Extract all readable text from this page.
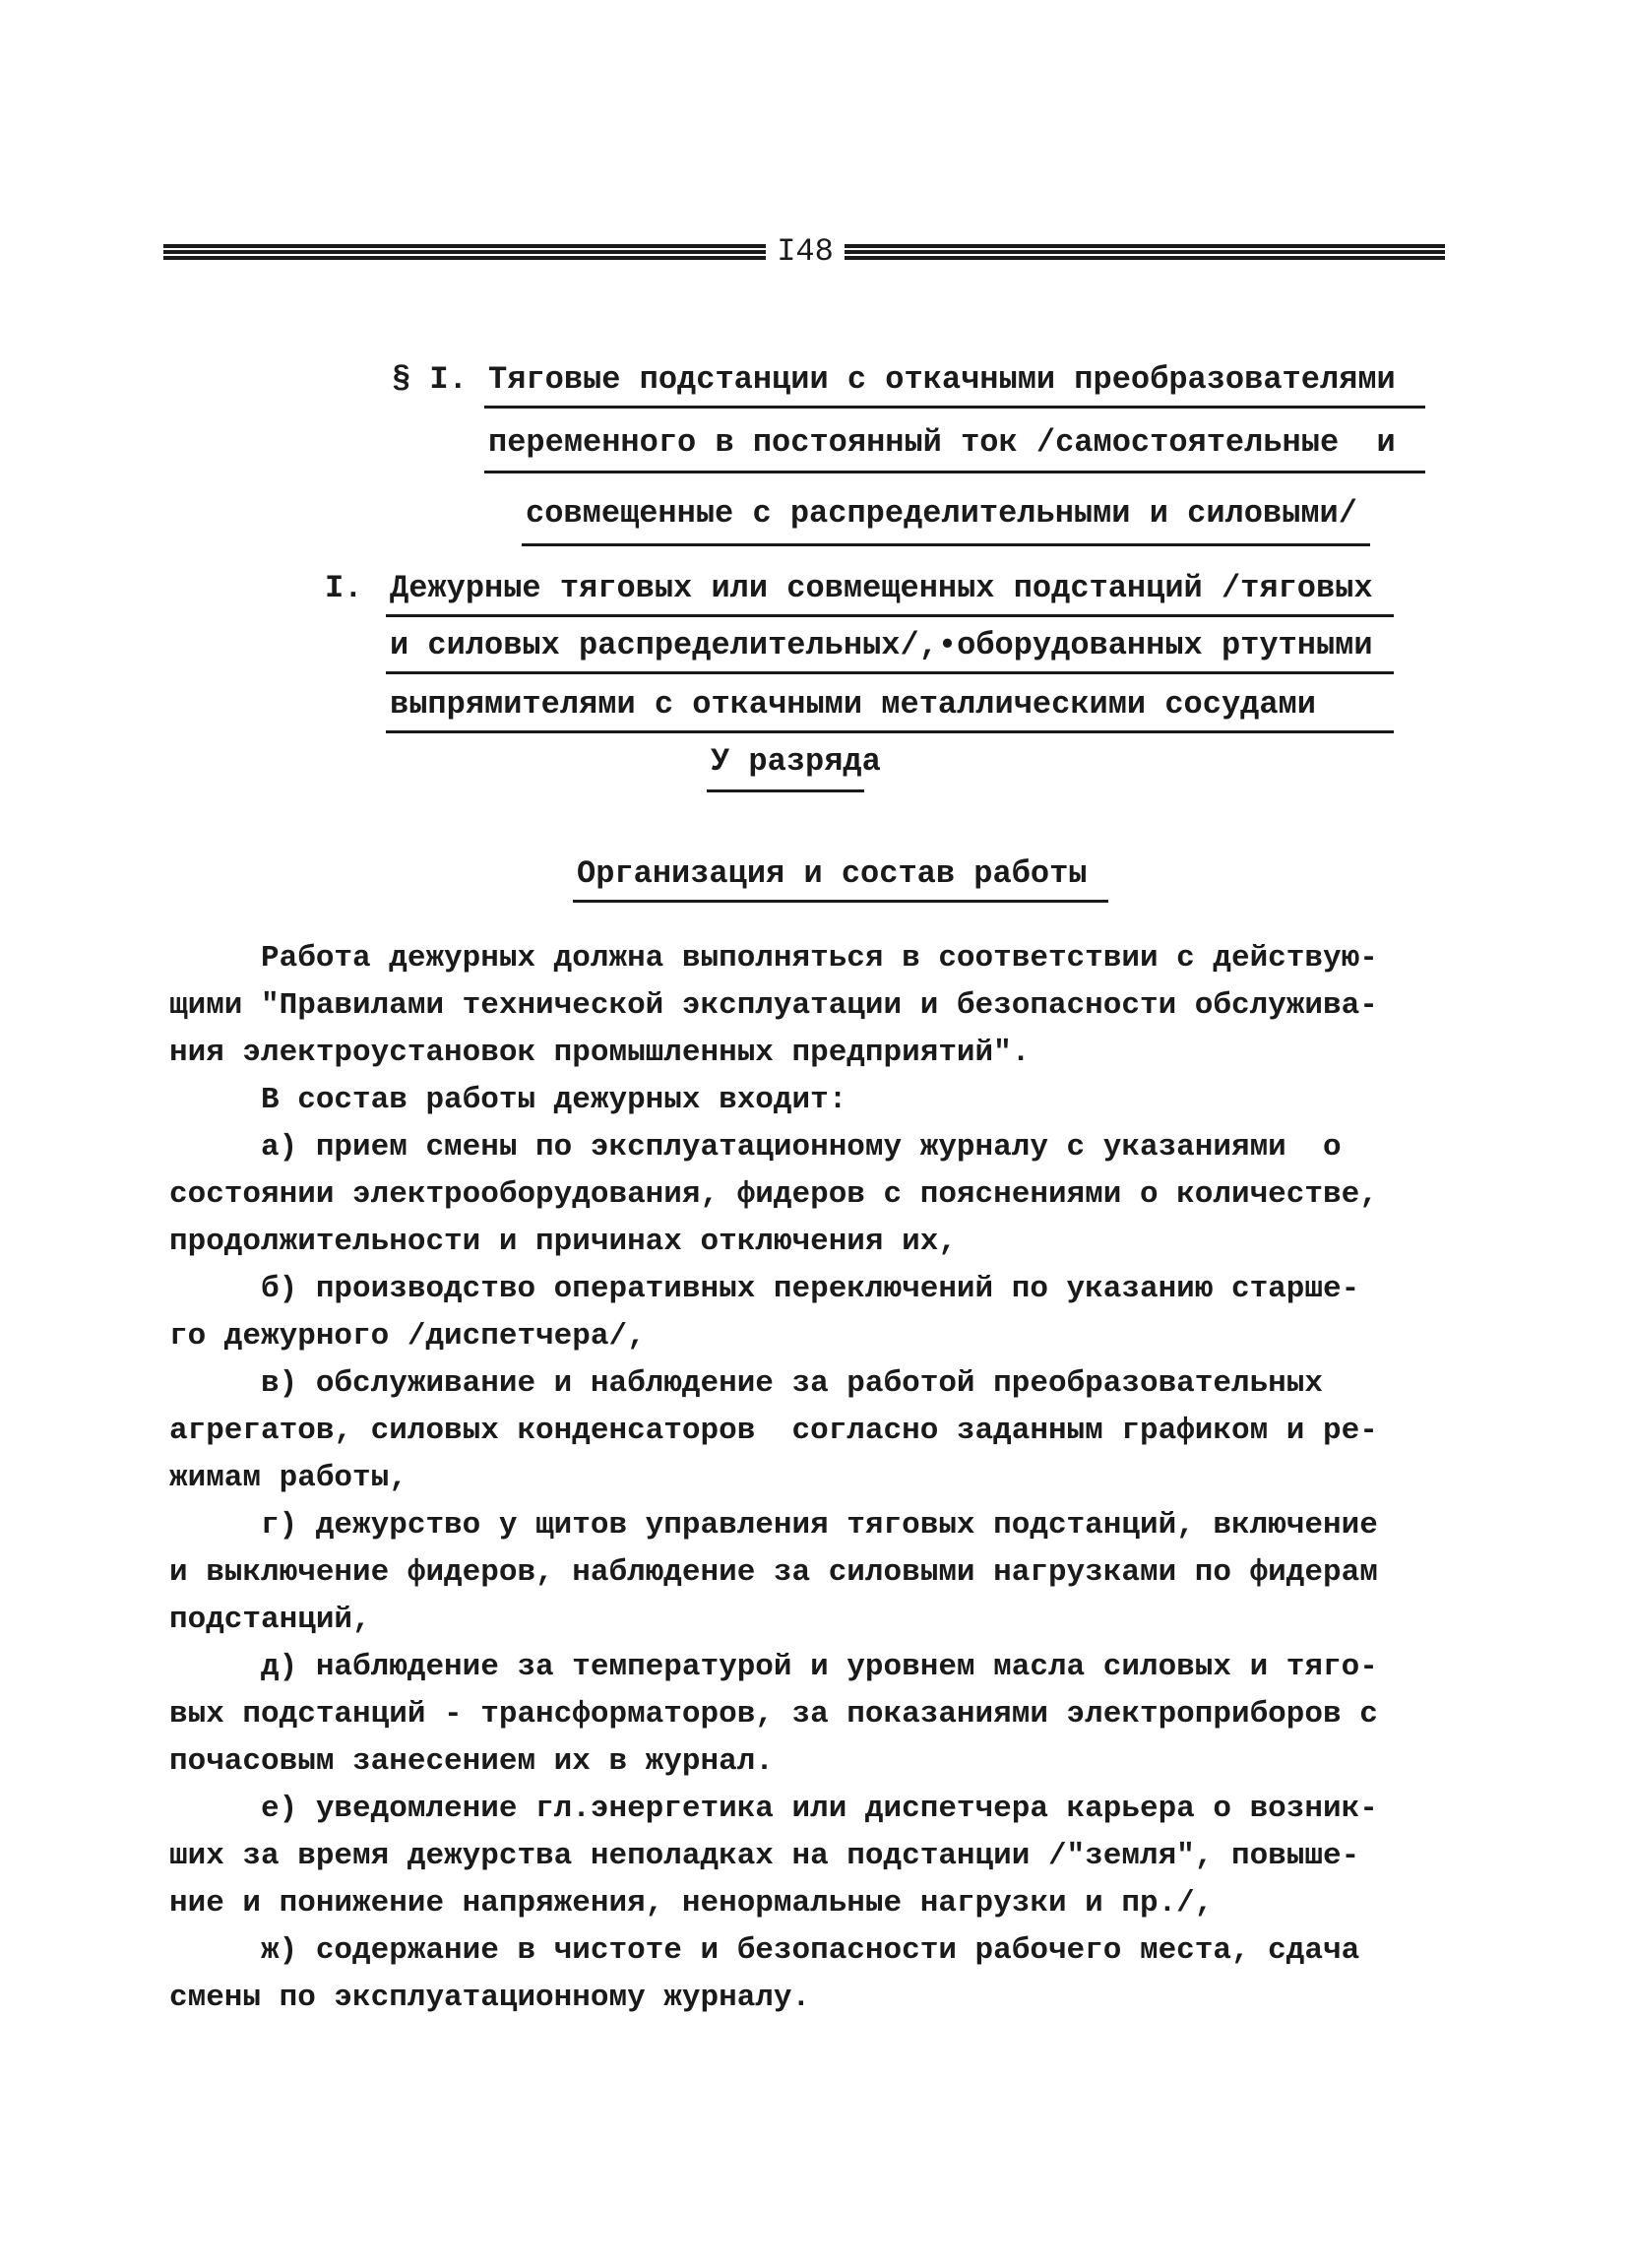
I48
§ I. Тяговые подстанции с откачными преобразователями
переменного в постоянный ток /самостоятельные  и
совмещенные с распределительными и силовыми/
I. Дежурные тяговых или совмещенных подстанций /тяговых
и силовых распределительных/,•оборудованных ртутными
выпрямителями с откачными металлическими сосудами
У разряда
Организация и состав работы
Работа дежурных должна выполняться в соответствии с действую-
щими "Правилами технической эксплуатации и безопасности обслужива-
ния электроустановок промышленных предприятий".
В состав работы дежурных входит:
а) прием смены по эксплуатационному журналу с указаниями  о
состоянии электрооборудования, фидеров с пояснениями о количестве,
продолжительности и причинах отключения их,
б) производство оперативных переключений по указанию старше-
го дежурного /диспетчера/,
в) обслуживание и наблюдение за работой преобразовательных
агрегатов, силовых конденсаторов  согласно заданным графиком и ре-
жимам работы,
г) дежурство у щитов управления тяговых подстанций, включение
и выключение фидеров, наблюдение за силовыми нагрузками по фидерам
подстанций,
д) наблюдение за температурой и уровнем масла силовых и тяго-
вых подстанций - трансформаторов, за показаниями электроприборов с
почасовым занесением их в журнал.
е) уведомление гл.энергетика или диспетчера карьера о возник-
ших за время дежурства неполадках на подстанции /"земля", повыше-
ние и понижение напряжения, ненормальные нагрузки и пр./,
ж) содержание в чистоте и безопасности рабочего места, сдача
смены по эксплуатационному журналу.
